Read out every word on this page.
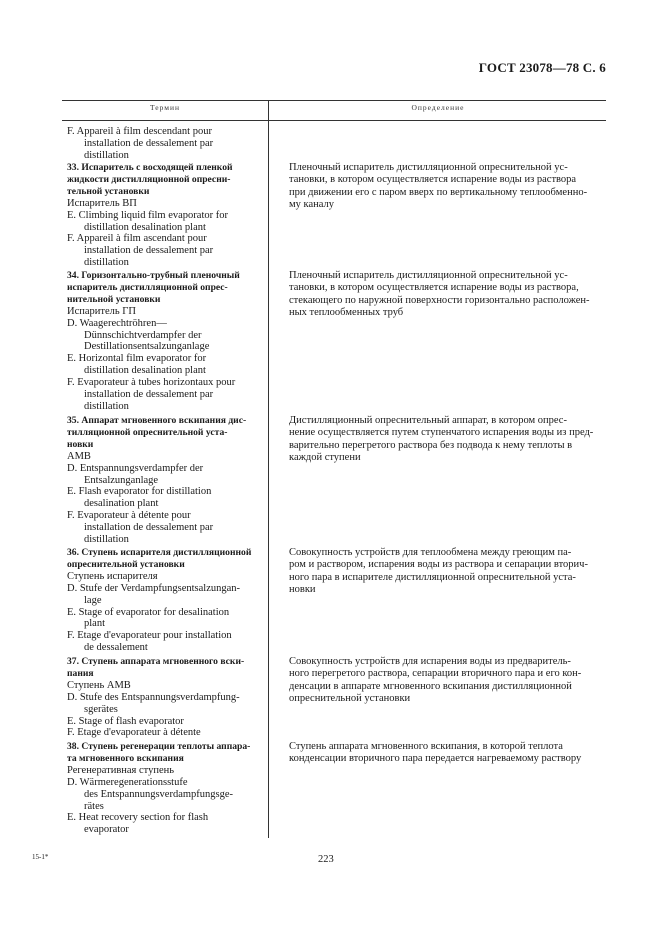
ГОСТ 23078—78 С. 6
Термин	Определение
F. Appareil à film descendant pour
installation de dessalement par
distillation
33. Испаритель с восходящей пленкой
жидкости дистилляционной опресни-
тельной установки
Испаритель ВП
E. Climbing liquid film evaporator for
distillation desalination plant
F. Appareil à film ascendant pour
installation de dessalement par
distillation
Пленочный испаритель дистилляционной опреснительной ус-
тановки, в котором осуществляется испарение воды из раствора
при движении его с паром вверх по вертикальному теплообменно-
му каналу
34. Горизонтально-трубный пленочный
испаритель дистилляционной опрес-
нительной установки
Испаритель ГП
D. Waagerechtröhren—
Dünnschichtverdampfer der
Destillationsentsalzunganlage
E. Horizontal film evaporator for
distillation desalination plant
F. Evaporateur à tubes horizontaux pour
installation de dessalement par
distillation
Пленочный испаритель дистилляционной опреснительной ус-
тановки, в котором осуществляется испарение воды из раствора,
стекающего по наружной поверхности горизонтально расположен-
ных теплообменных труб
35. Аппарат мгновенного вскипания дис-
тилляционной опреснительной уста-
новки
АМВ
D. Entspannungsverdampfer der
Entsalzunganlage
E. Flash evaporator for distillation
desalination plant
F. Evaporateur à détente pour
installation de dessalement par
distillation
Дистилляционный опреснительный аппарат, в котором опрес-
нение осуществляется путем ступенчатого испарения воды из пред-
варительно перегретого раствора без подвода к нему теплоты в
каждой ступени
36. Ступень испарителя дистилляционной
опреснительной установки
Ступень испарителя
D. Stufe der Verdampfungsentsalzungan-
lage
E. Stage of evaporator for desalination
plant
F. Etage d'evaporateur pour installation
de dessalement
Совокупность устройств для теплообмена между греющим па-
ром и раствором, испарения воды из раствора и сепарации вторич-
ного пара в испарителе дистилляционной опреснительной уста-
новки
37. Ступень аппарата мгновенного вски-
пания
Ступень АМВ
D. Stufe des Entspannungsverdampfung-
sgerätes
E. Stage of flash evaporator
F. Etage d'evaporateur à détente
Совокупность устройств для испарения воды из предваритель-
ного перегретого раствора, сепарации вторичного пара и его кон-
денсации в аппарате мгновенного вскипания дистилляционной
опреснительной установки
38. Ступень регенерации теплоты аппара-
та мгновенного вскипания
Регенеративная ступень
D. Wärmeregenerationsstufe
des Entspannungsverdampfungsge-
rätes
E. Heat recovery section for flash
evaporator
Ступень аппарата мгновенного вскипания, в которой теплота
конденсации вторичного пара передается нагреваемому раствору
15-1*	223
